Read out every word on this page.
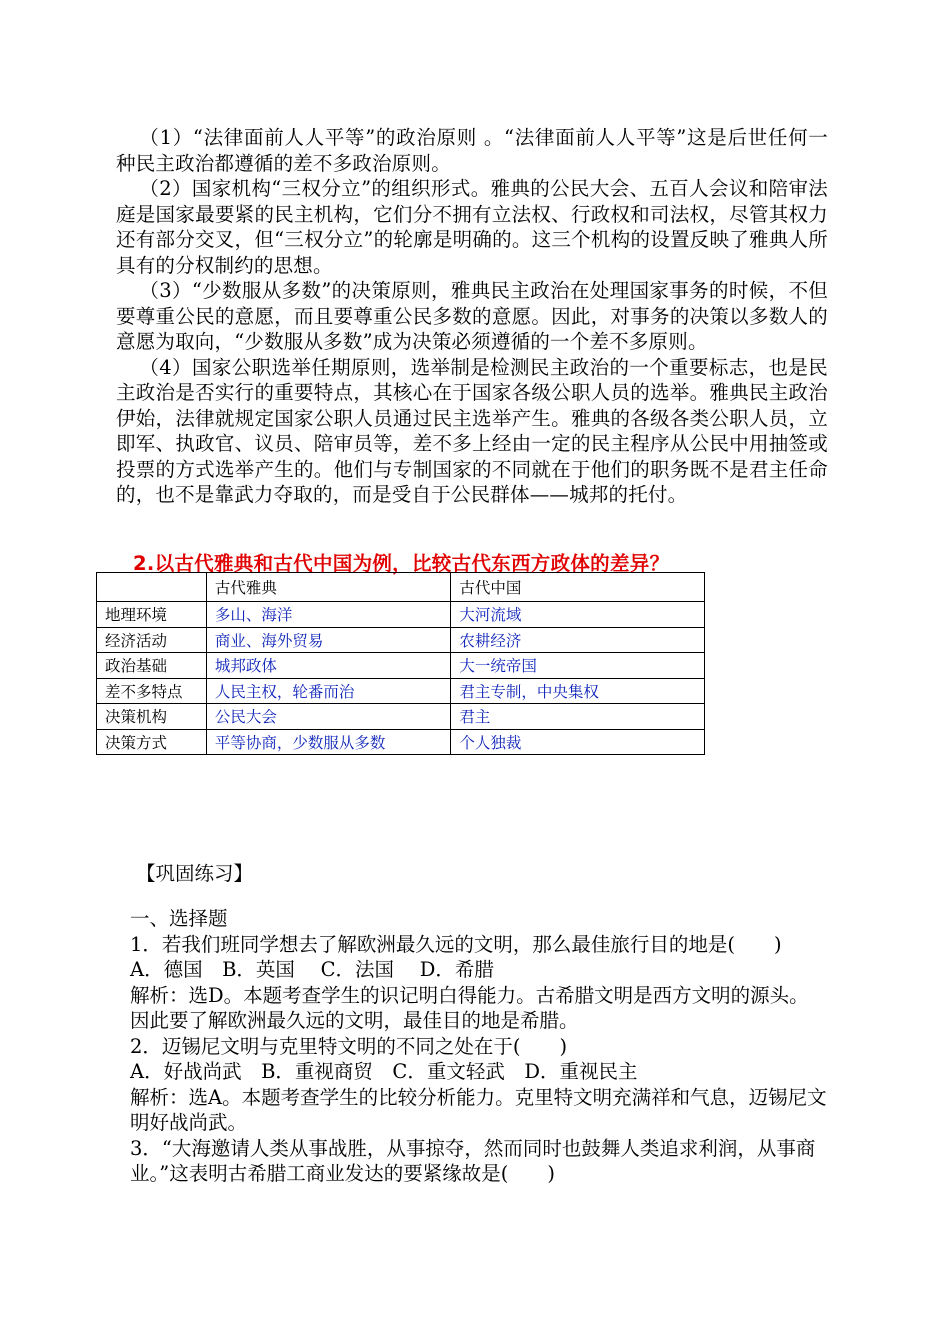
（1）“法律面前人人平等”的政治原则 。“法律面前人人平等”这是后世任何一种民主政治都遵循的差不多政治原则。

（2）国家机构“三权分立”的组织形式。雅典的公民大会、五百人会议和陪审法庭是国家最要紧的民主机构，它们分不拥有立法权、行政权和司法权，尽管其权力还有部分交叉，但“三权分立”的轮廓是明确的。这三个机构的设置反映了雅典人所具有的分权制约的思想。

（3）“少数服从多数”的决策原则，雅典民主政治在处理国家事务的时候，不但要尊重公民的意愿，而且要尊重公民多数的意愿。因此，对事务的决策以多数人的意愿为取向，“少数服从多数”成为决策必须遵循的一个差不多原则。

（4）国家公职选举任期原则，选举制是检测民主政治的一个重要标志，也是民主政治是否实行的重要特点，其核心在于国家各级公职人员的选举。雅典民主政治伊始，法律就规定国家公职人员通过民主选举产生。雅典的各级各类公职人员，立即军、执政官、议员、陪审员等，差不多上经由一定的民主程序从公民中用抽签或投票的方式选举产生的。他们与专制国家的不同就在于他们的职务既不是君主任命的，也不是靠武力夺取的，而是受自于公民群体——城邦的托付。

2.以古代雅典和古代中国为例，比较古代东西方政体的差异？
	古代雅典	古代中国
地理环境	多山、海洋	大河流域
经济活动	商业、海外贸易	农耕经济
政治基础	城邦政体	大一统帝国
差不多特点	人民主权，轮番而治	君主专制，中央集权
决策机构	公民大会	君主
决策方式	平等协商，少数服从多数	个人独裁
【巩固练习】
一、选择题
1．若我们班同学想去了解欧洲最久远的文明，那么最佳旅行目的地是(　　)
A．德国　B．英国　 C．法国　 D．希腊
解析：选D。本题考查学生的识记明白得能力。古希腊文明是西方文明的源头。因此要了解欧洲最久远的文明，最佳目的地是希腊。
2．迈锡尼文明与克里特文明的不同之处在于(　　)
A．好战尚武　B．重视商贸　C．重文轻武　D．重视民主
解析：选A。本题考查学生的比较分析能力。克里特文明充满祥和气息，迈锡尼文明好战尚武。
3．“大海邀请人类从事战胜，从事掠夺，然而同时也鼓舞人类追求利润，从事商业。”这表明古希腊工商业发达的要紧缘故是(　　)
